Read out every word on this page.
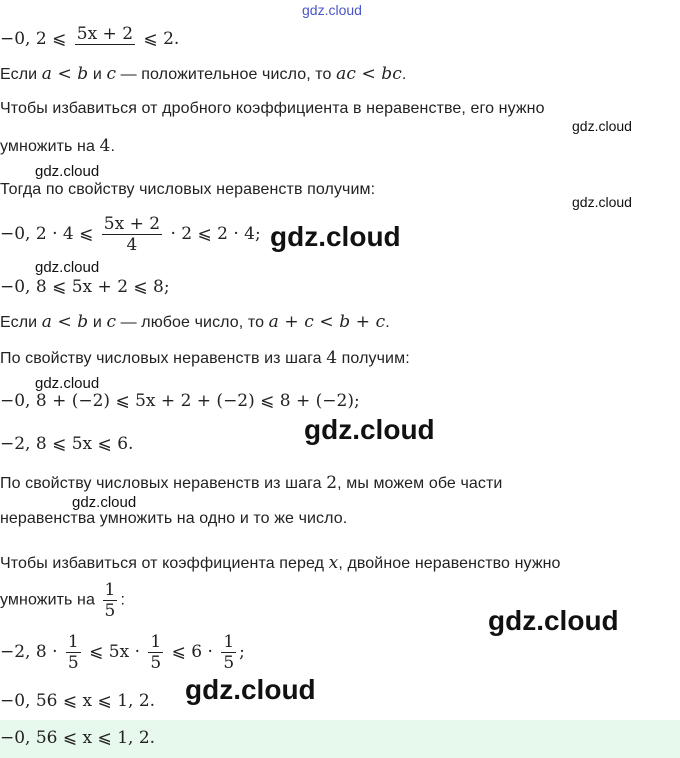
gdz.cloud
gdz.cloud
gdz.cloud
gdz.cloud
gdz.cloud
gdz.cloud
gdz.cloud
gdz.cloud
gdz.cloud
gdz.cloud
gdz.cloud
−0, 2 ⩽ 5x + 2 ⩽ 2.
Если a < b и c — положительное число, то ac < bc.
Чтобы избавиться от дробного коэффициента в неравенстве, его нужно
умножить на 4.
Тогда по свойству числовых неравенств получим:
−0, 2 · 4 ⩽ $\frac{5x + 2}{4} \cdot 2$ ⩽ 2 · 4;
−0, 8 ⩽ 5x + 2 ⩽ 8;
Если a < b и c — любое число, то a + c < b + c.
По свойству числовых неравенств из шага 4 получим:
−0, 8 + (−2) ⩽ 5x + 2 + (−2) ⩽ 8 + (−2);
−2, 8 ⩽ 5x ⩽ 6.
По свойству числовых неравенств из шага 2, мы можем обе части
неравенства умножить на одно и то же число.
Чтобы избавиться от коэффициента перед x, двойное неравенство нужно
умножить на $\frac{1}{5}$ :
−2, $8 \cdot \frac{1}{5}$ ⩽ $5x \cdot \frac{1}{5}$ ⩽ $6 \cdot \frac{1}{5}$ ;
−0, 56 ⩽ x ⩽ 1, 2.
−0, 56 ⩽ x ⩽ 1, 2.
